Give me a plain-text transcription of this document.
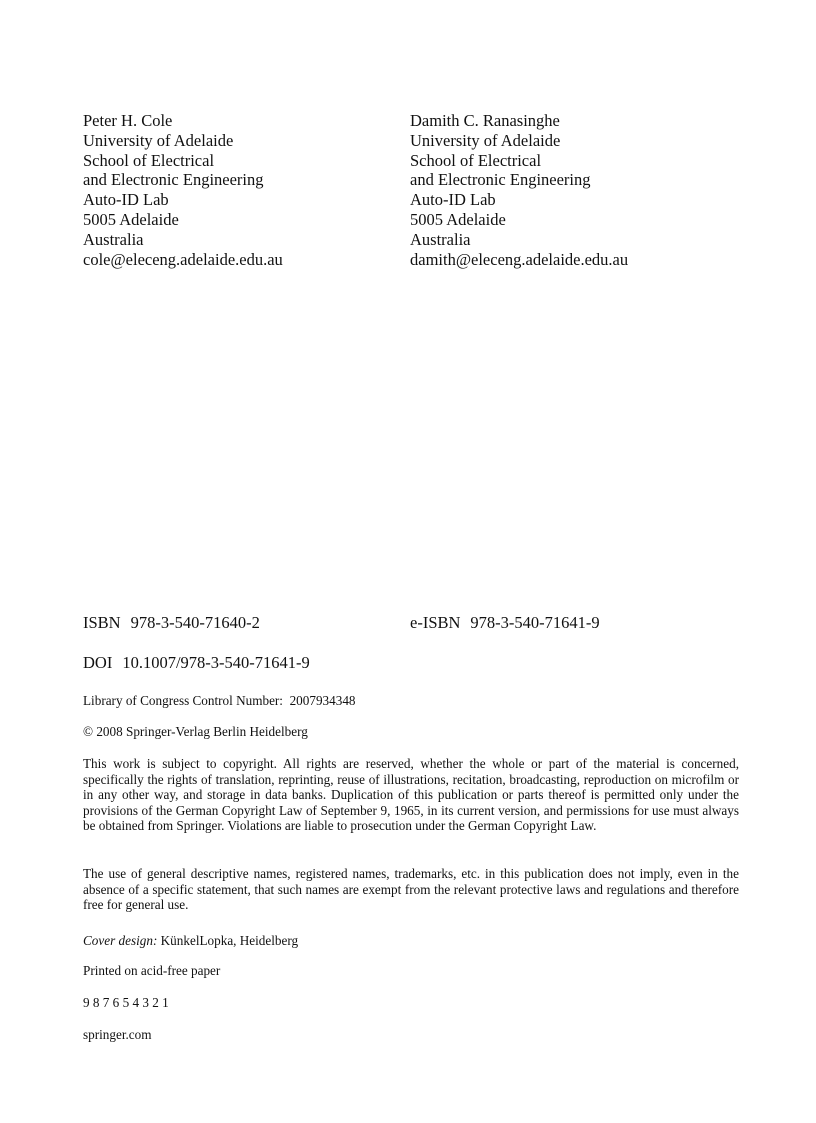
Peter H. Cole
University of Adelaide
School of Electrical
and Electronic Engineering
Auto-ID Lab
5005 Adelaide
Australia
cole@eleceng.adelaide.edu.au
Damith C. Ranasinghe
University of Adelaide
School of Electrical
and Electronic Engineering
Auto-ID Lab
5005 Adelaide
Australia
damith@eleceng.adelaide.edu.au
ISBN 978-3-540-71640-2	e-ISBN 978-3-540-71641-9
DOI 10.1007/978-3-540-71641-9
Library of Congress Control Number: 2007934348
© 2008 Springer-Verlag Berlin Heidelberg
This work is subject to copyright. All rights are reserved, whether the whole or part of the material is concerned, specifically the rights of translation, reprinting, reuse of illustrations, recitation, broadcasting, reproduction on microfilm or in any other way, and storage in data banks. Duplication of this publication or parts thereof is permitted only under the provisions of the German Copyright Law of September 9, 1965, in its current version, and permissions for use must always be obtained from Springer. Violations are liable to prosecution under the German Copyright Law.
The use of general descriptive names, registered names, trademarks, etc. in this publication does not imply, even in the absence of a specific statement, that such names are exempt from the relevant protective laws and regulations and therefore free for general use.
Cover design: KünkelLopka, Heidelberg
Printed on acid-free paper
9 8 7 6 5 4 3 2 1
springer.com
